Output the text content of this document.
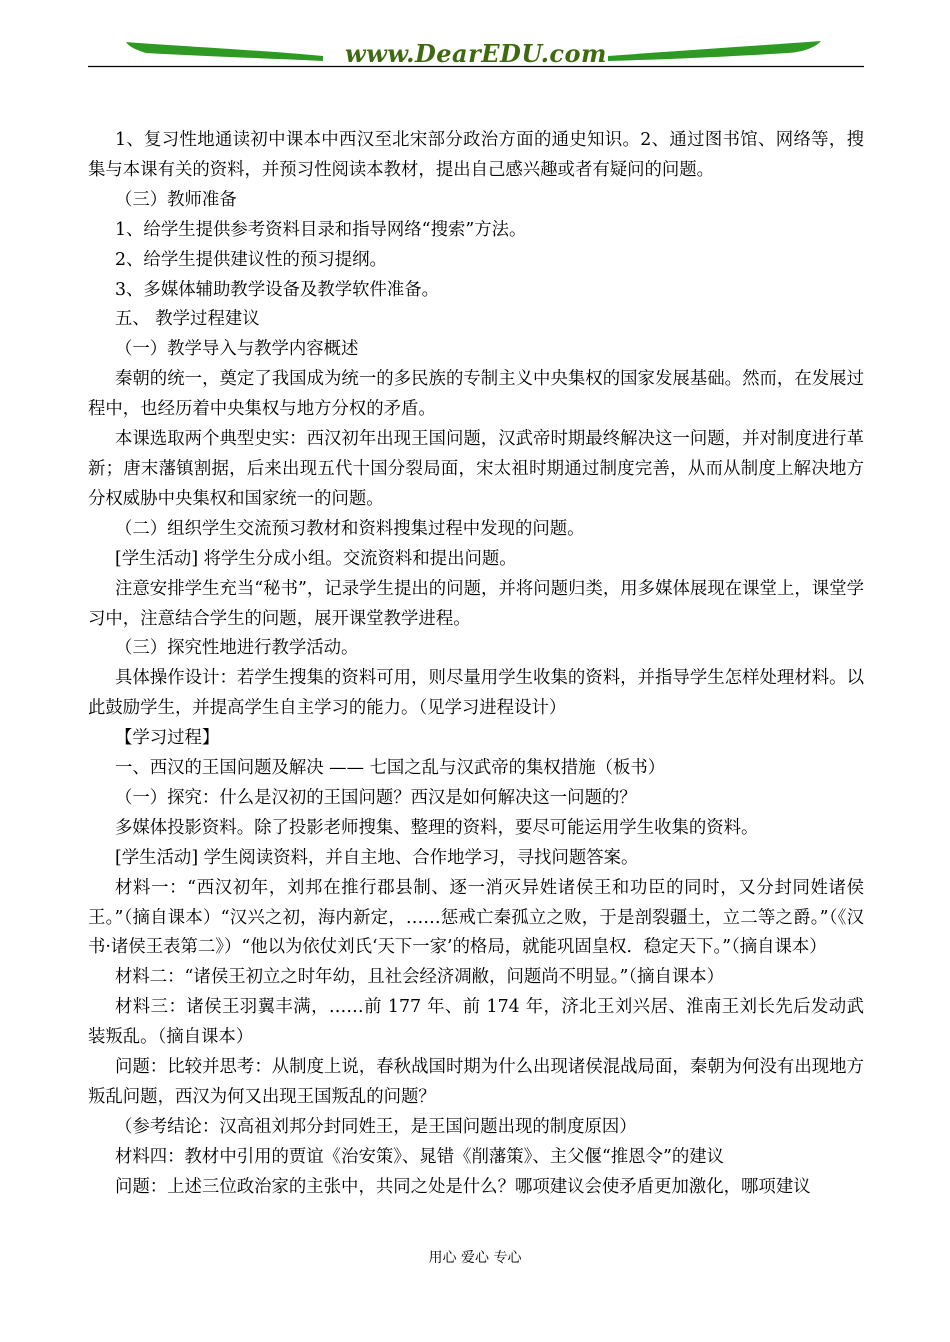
www.DearEDU.com

1、复习性地通读初中课本中西汉至北宋部分政治方面的通史知识。2、通过图书馆、网络等，搜集与本课有关的资料，并预习性阅读本教材，提出自己感兴趣或者有疑问的问题。

（三）教师准备

1、给学生提供参考资料目录和指导网络“搜索”方法。

2、给学生提供建议性的预习提纲。

3、多媒体辅助教学设备及教学软件准备。

五、 教学过程建议

（一）教学导入与教学内容概述

秦朝的统一，奠定了我国成为统一的多民族的专制主义中央集权的国家发展基础。然而，在发展过程中，也经历着中央集权与地方分权的矛盾。

本课选取两个典型史实：西汉初年出现王国问题，汉武帝时期最终解决这一问题，并对制度进行革新；唐末藩镇割据，后来出现五代十国分裂局面，宋太祖时期通过制度完善，从而从制度上解决地方分权威胁中央集权和国家统一的问题。

（二）组织学生交流预习教材和资料搜集过程中发现的问题。

[学生活动] 将学生分成小组。交流资料和提出问题。

注意安排学生充当“秘书”，记录学生提出的问题，并将问题归类，用多媒体展现在课堂上，课堂学习中，注意结合学生的问题，展开课堂教学进程。

（三）探究性地进行教学活动。

具体操作设计：若学生搜集的资料可用，则尽量用学生收集的资料，并指导学生怎样处理材料。以此鼓励学生，并提高学生自主学习的能力。（见学习进程设计）

【学习过程】

一、西汉的王国问题及解决 —— 七国之乱与汉武帝的集权措施（板书）

（一）探究：什么是汉初的王国问题？西汉是如何解决这一问题的？

多媒体投影资料。除了投影老师搜集、整理的资料，要尽可能运用学生收集的资料。

[学生活动] 学生阅读资料，并自主地、合作地学习，寻找问题答案。

材料一：“西汉初年，刘邦在推行郡县制、逐一消灭异姓诸侯王和功臣的同时，又分封同姓诸侯王。”（摘自课本）“汉兴之初，海内新定，……惩戒亡秦孤立之败，于是剖裂疆土，立二等之爵。”（《汉书·诸侯王表第二》）“他以为依仗刘氏‘天下一家’的格局，就能巩固皇权．稳定天下。”（摘自课本）

材料二：“诸侯王初立之时年幼，且社会经济凋敝，问题尚不明显。”（摘自课本）

材料三：诸侯王羽翼丰满，……前 177 年、前 174 年，济北王刘兴居、淮南王刘长先后发动武装叛乱。（摘自课本）

问题：比较并思考：从制度上说，春秋战国时期为什么出现诸侯混战局面，秦朝为何没有出现地方叛乱问题，西汉为何又出现王国叛乱的问题？

（参考结论：汉高祖刘邦分封同姓王，是王国问题出现的制度原因）

材料四：教材中引用的贾谊《治安策》、晁错《削藩策》、主父偃“推恩令”的建议

问题：上述三位政治家的主张中，共同之处是什么？哪项建议会使矛盾更加激化，哪项建议

用心 爱心 专心
